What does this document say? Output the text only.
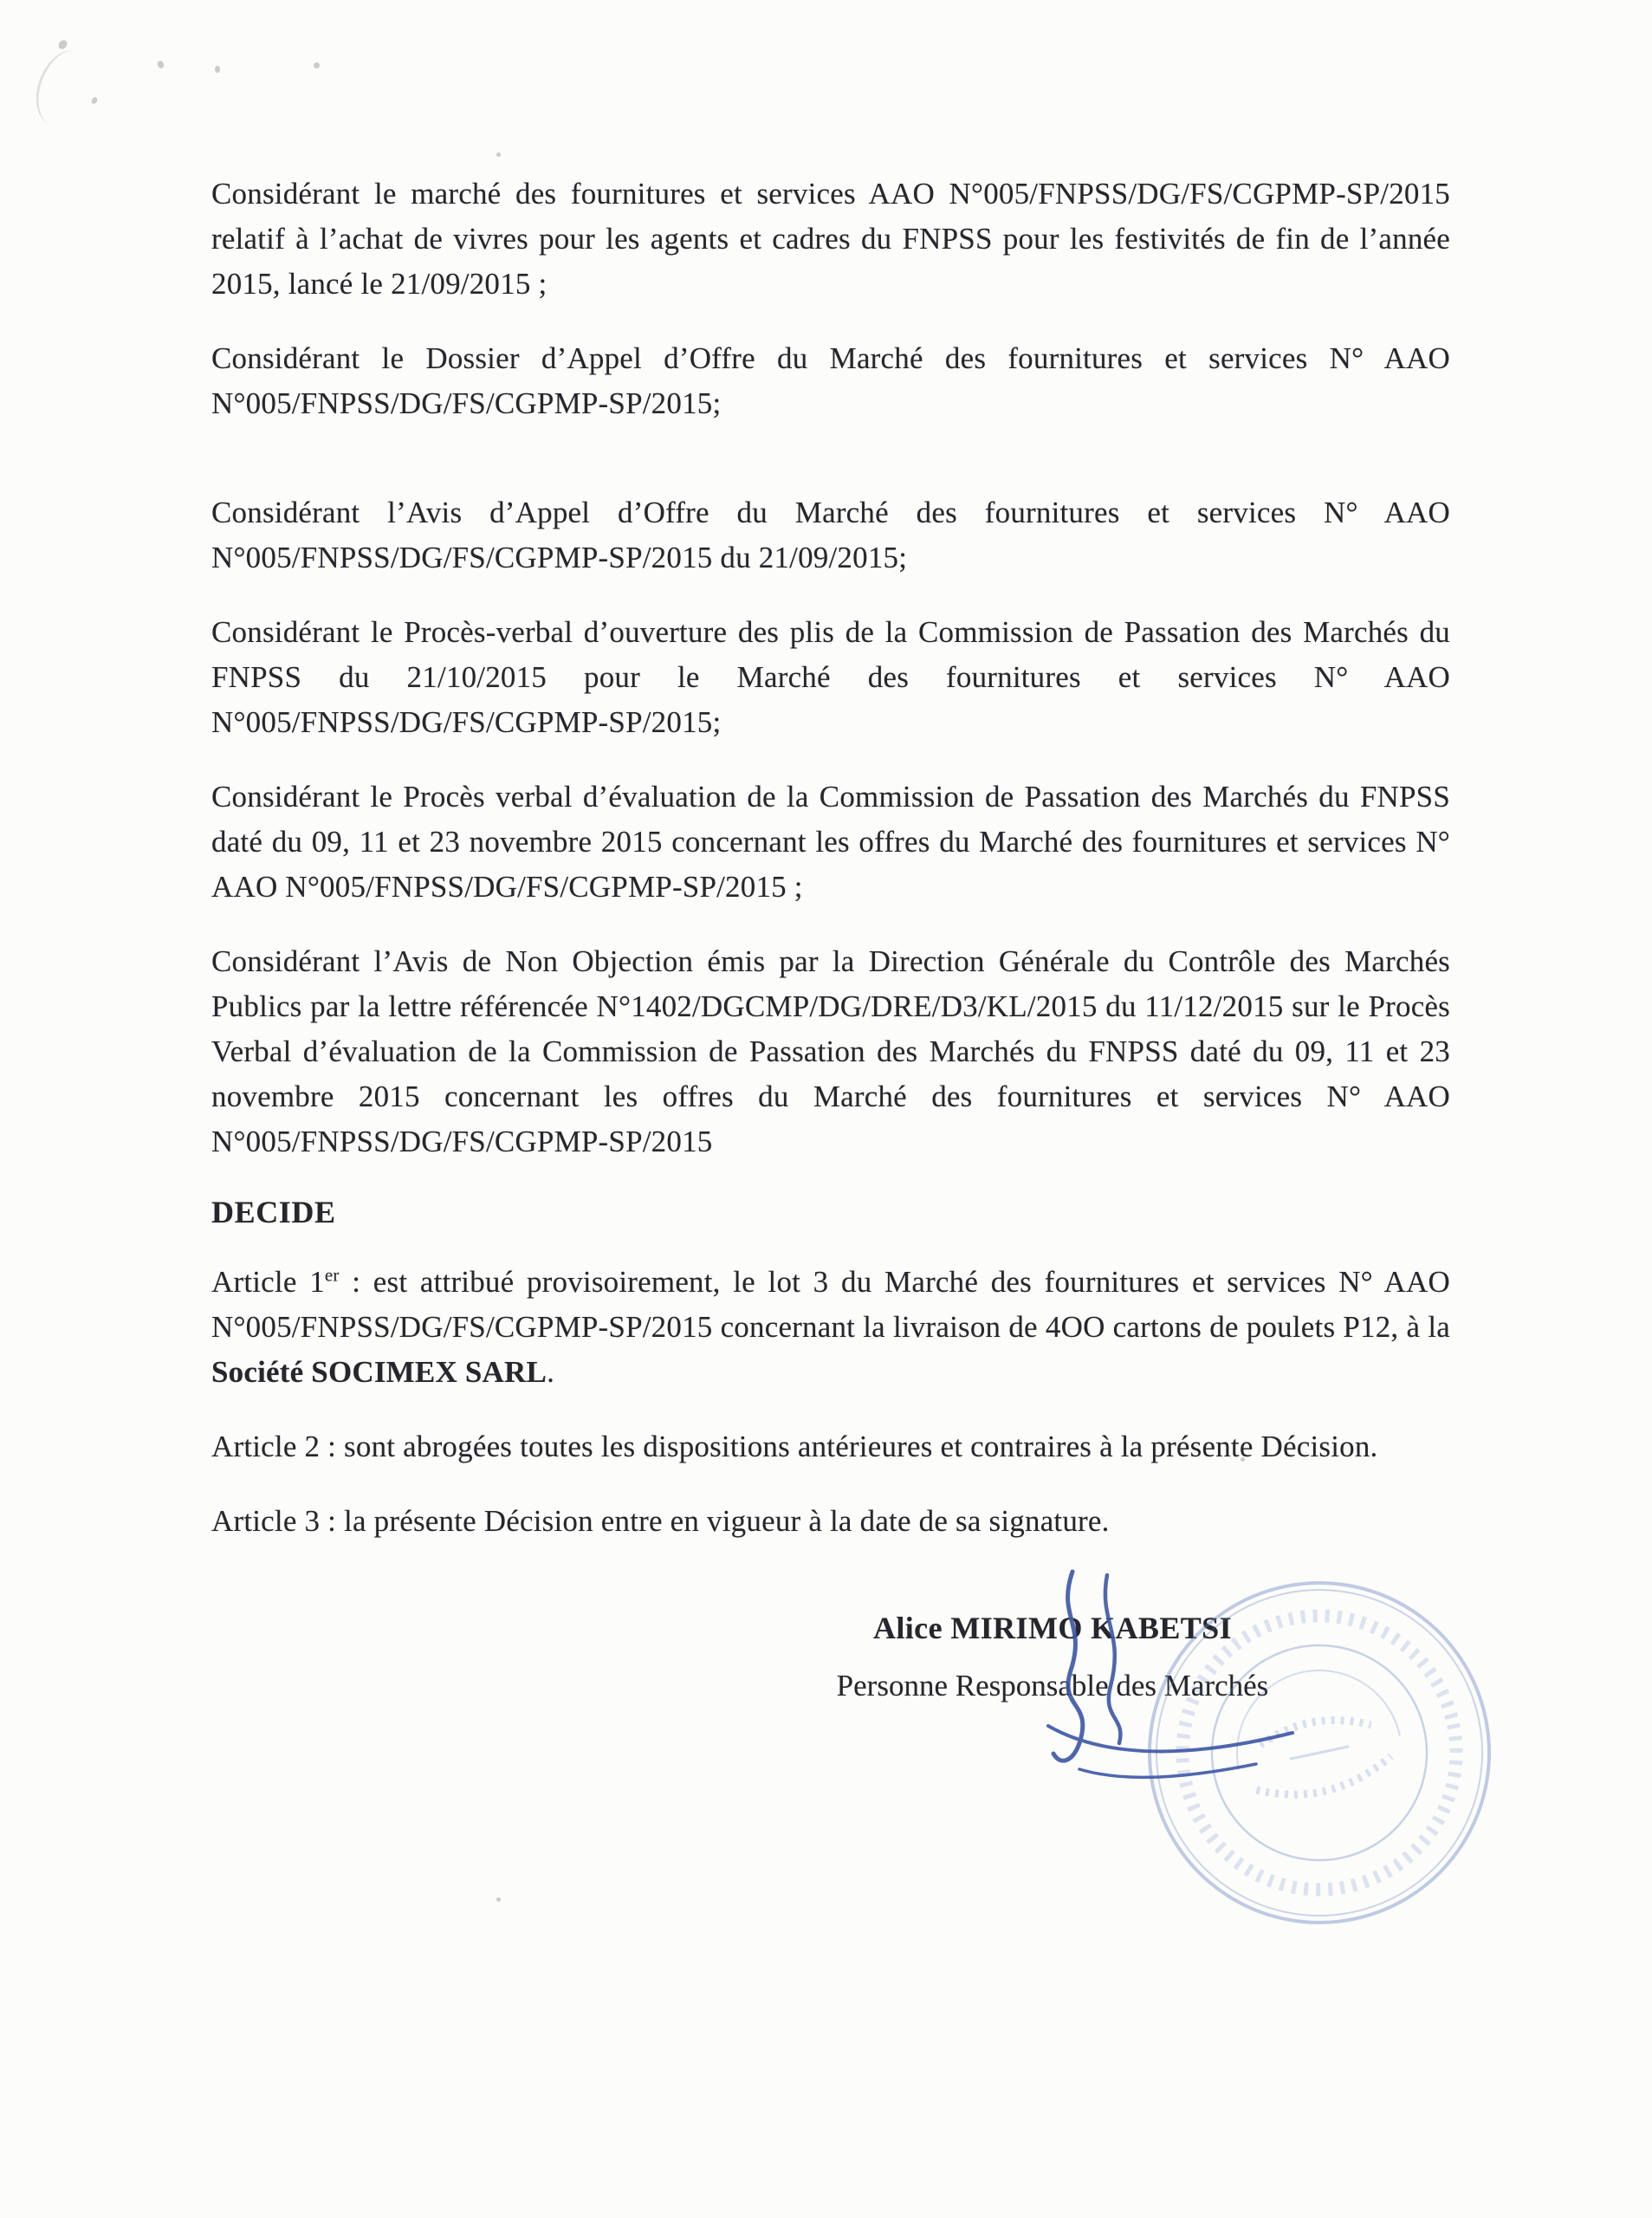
Considérant le marché des fournitures et services AAO N°005/FNPSS/DG/FS/CGPMP-SP/2015 relatif à l’achat de vivres pour les agents et cadres du FNPSS pour les festivités de fin de l’année 2015, lancé le 21/09/2015 ;

Considérant le Dossier d’Appel d’Offre du Marché des fournitures et services N° AAO N°005/FNPSS/DG/FS/CGPMP-SP/2015;

Considérant l’Avis d’Appel d’Offre du Marché des fournitures et services N° AAO N°005/FNPSS/DG/FS/CGPMP-SP/2015 du 21/09/2015;

Considérant le Procès-verbal d’ouverture des plis de la Commission de Passation des Marchés du FNPSS du 21/10/2015 pour le Marché des fournitures et services N° AAO N°005/FNPSS/DG/FS/CGPMP-SP/2015;

Considérant le Procès verbal d’évaluation de la Commission de Passation des Marchés du FNPSS daté du 09, 11 et 23 novembre 2015 concernant les offres du Marché des fournitures et services N° AAO N°005/FNPSS/DG/FS/CGPMP-SP/2015 ;

Considérant l’Avis de Non Objection émis par la Direction Générale du Contrôle des Marchés Publics par la lettre référencée N°1402/DGCMP/DG/DRE/D3/KL/2015 du 11/12/2015 sur le Procès Verbal d’évaluation de la Commission de Passation des Marchés du FNPSS daté du 09, 11 et 23 novembre 2015 concernant les offres du Marché des fournitures et services N° AAO N°005/FNPSS/DG/FS/CGPMP-SP/2015

DECIDE

Article 1er : est attribué provisoirement, le lot 3 du Marché des fournitures et services N° AAO N°005/FNPSS/DG/FS/CGPMP-SP/2015 concernant la livraison de 4OO cartons de poulets P12, à la Société SOCIMEX SARL.

Article 2 : sont abrogées toutes les dispositions antérieures et contraires à la présente Décision.

Article 3 : la présente Décision entre en vigueur à la date de sa signature.

Alice MIRIMO KABETSI
Personne Responsable des Marchés
